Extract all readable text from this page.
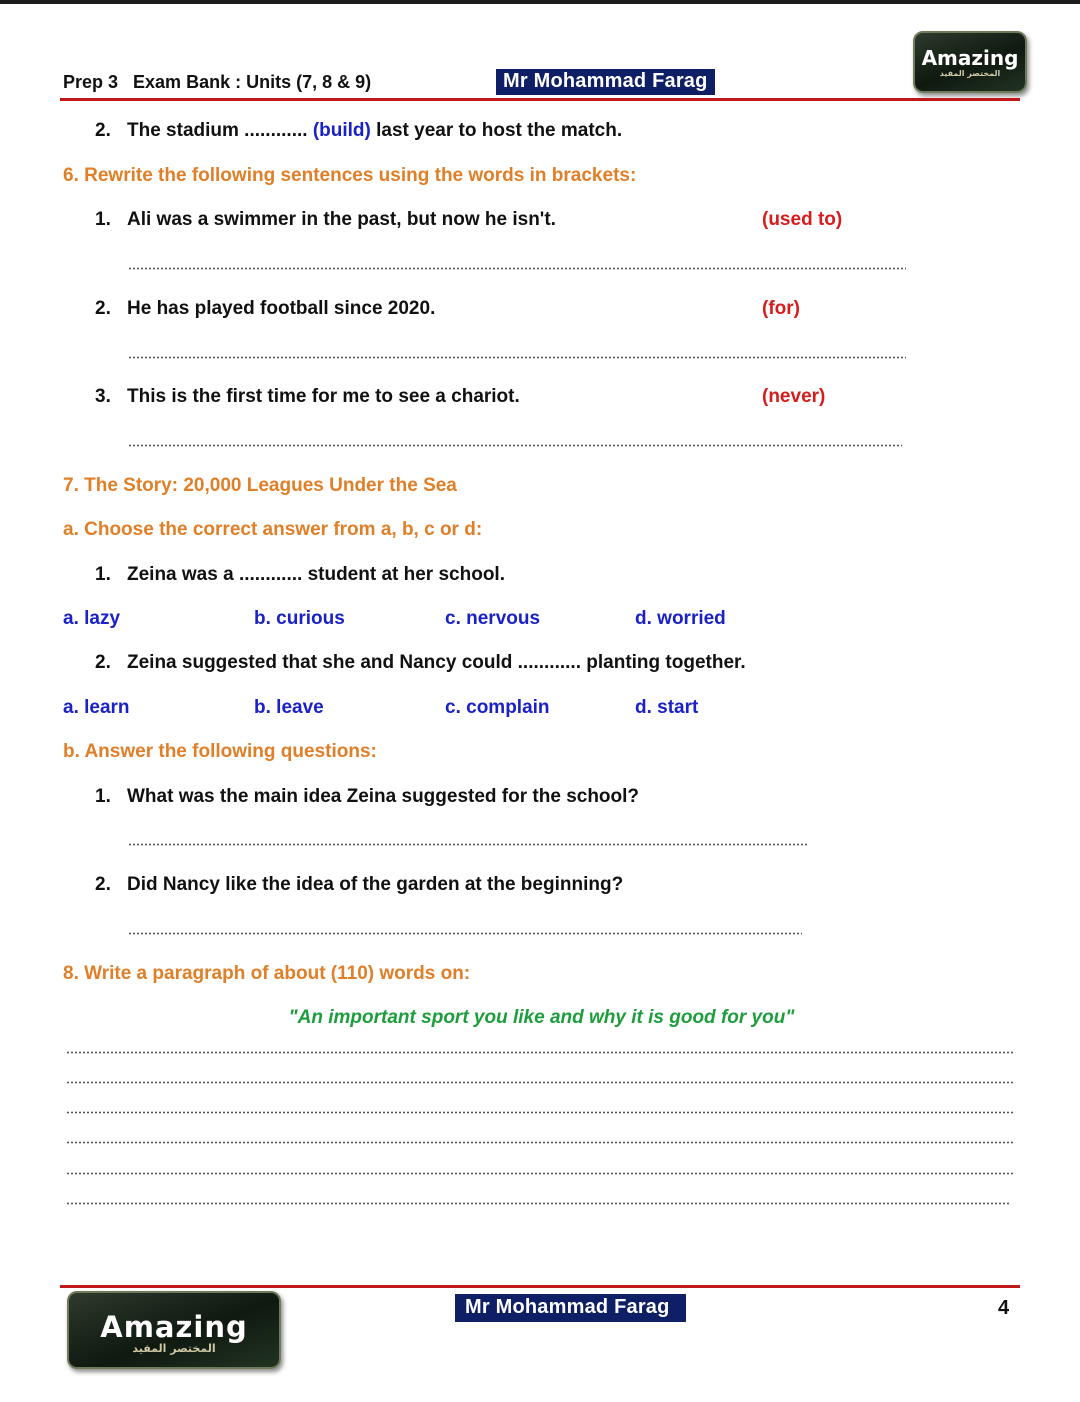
Prep 3   Exam Bank : Units (7, 8 & 9)	Mr Mohammad Farag
Amazing
المختصر المفيد
2. The stadium ............ (build) last year to host the match.
6. Rewrite the following sentences using the words in brackets:
1. Ali was a swimmer in the past, but now he isn't.	(used to)
2. He has played football since 2020.	(for)
3. This is the first time for me to see a chariot.	(never)
7. The Story: 20,000 Leagues Under the Sea
a. Choose the correct answer from a, b, c or d:
1. Zeina was a ............ student at her school.
a. lazy	b. curious	c. nervous	d. worried
2. Zeina suggested that she and Nancy could ............ planting together.
a. learn	b. leave	c. complain	d. start
b. Answer the following questions:
1. What was the main idea Zeina suggested for the school?
2. Did Nancy like the idea of the garden at the beginning?
8. Write a paragraph of about (110) words on:
"An important sport you like and why it is good for you"
Amazing
المختصر المفيد
Mr Mohammad Farag	4
